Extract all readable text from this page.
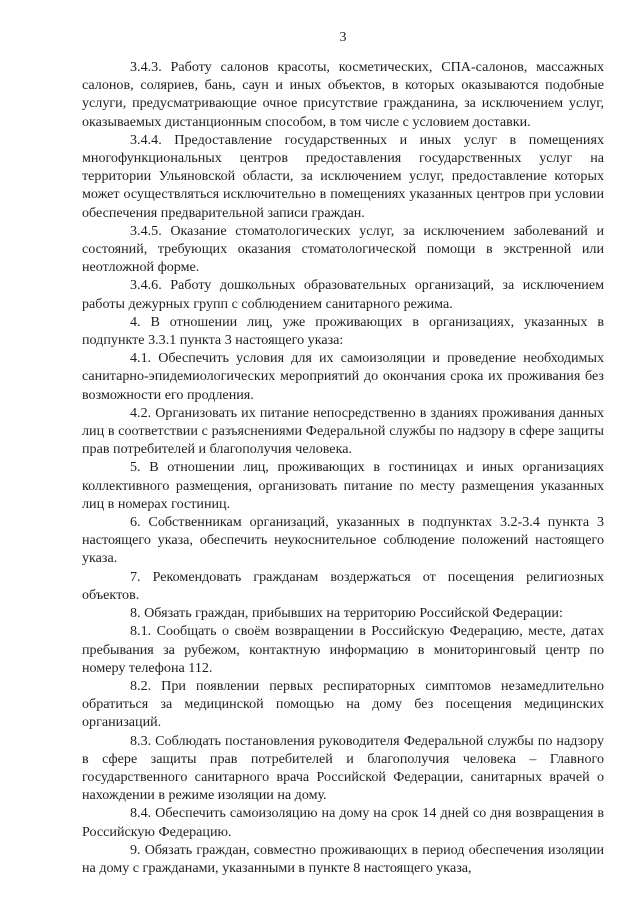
3

3.4.3. Работу салонов красоты, косметических, СПА-салонов, массажных салонов, соляриев, бань, саун и иных объектов, в которых оказываются подобные услуги, предусматривающие очное присутствие гражданина, за исключением услуг, оказываемых дистанционным способом, в том числе с условием доставки.

3.4.4. Предоставление государственных и иных услуг в помещениях многофункциональных центров предоставления государственных услуг на территории Ульяновской области, за исключением услуг, предоставление которых может осуществляться исключительно в помещениях указанных центров при условии обеспечения предварительной записи граждан.

3.4.5. Оказание стоматологических услуг, за исключением заболеваний и состояний, требующих оказания стоматологической помощи в экстренной или неотложной форме.

3.4.6. Работу дошкольных образовательных организаций, за исключением работы дежурных групп с соблюдением санитарного режима.

4. В отношении лиц, уже проживающих в организациях, указанных в подпункте 3.3.1 пункта 3 настоящего указа:

4.1. Обеспечить условия для их самоизоляции и проведение необходимых санитарно-эпидемиологических мероприятий до окончания срока их проживания без возможности его продления.

4.2. Организовать их питание непосредственно в зданиях проживания данных лиц в соответствии с разъяснениями Федеральной службы по надзору в сфере защиты прав потребителей и благополучия человека.

5. В отношении лиц, проживающих в гостиницах и иных организациях коллективного размещения, организовать питание по месту размещения указанных лиц в номерах гостиниц.

6. Собственникам организаций, указанных в подпунктах 3.2-3.4 пункта 3 настоящего указа, обеспечить неукоснительное соблюдение положений настоящего указа.

7. Рекомендовать гражданам воздержаться от посещения религиозных объектов.

8. Обязать граждан, прибывших на территорию Российской Федерации:

8.1. Сообщать о своём возвращении в Российскую Федерацию, месте, датах пребывания за рубежом, контактную информацию в мониторинговый центр по номеру телефона 112.

8.2. При появлении первых респираторных симптомов незамедлительно обратиться за медицинской помощью на дому без посещения медицинских организаций.

8.3. Соблюдать постановления руководителя Федеральной службы по надзору в сфере защиты прав потребителей и благополучия человека – Главного государственного санитарного врача Российской Федерации, санитарных врачей о нахождении в режиме изоляции на дому.

8.4. Обеспечить самоизоляцию на дому на срок 14 дней со дня возвращения в Российскую Федерацию.

9. Обязать граждан, совместно проживающих в период обеспечения изоляции на дому с гражданами, указанными в пункте 8 настоящего указа,
